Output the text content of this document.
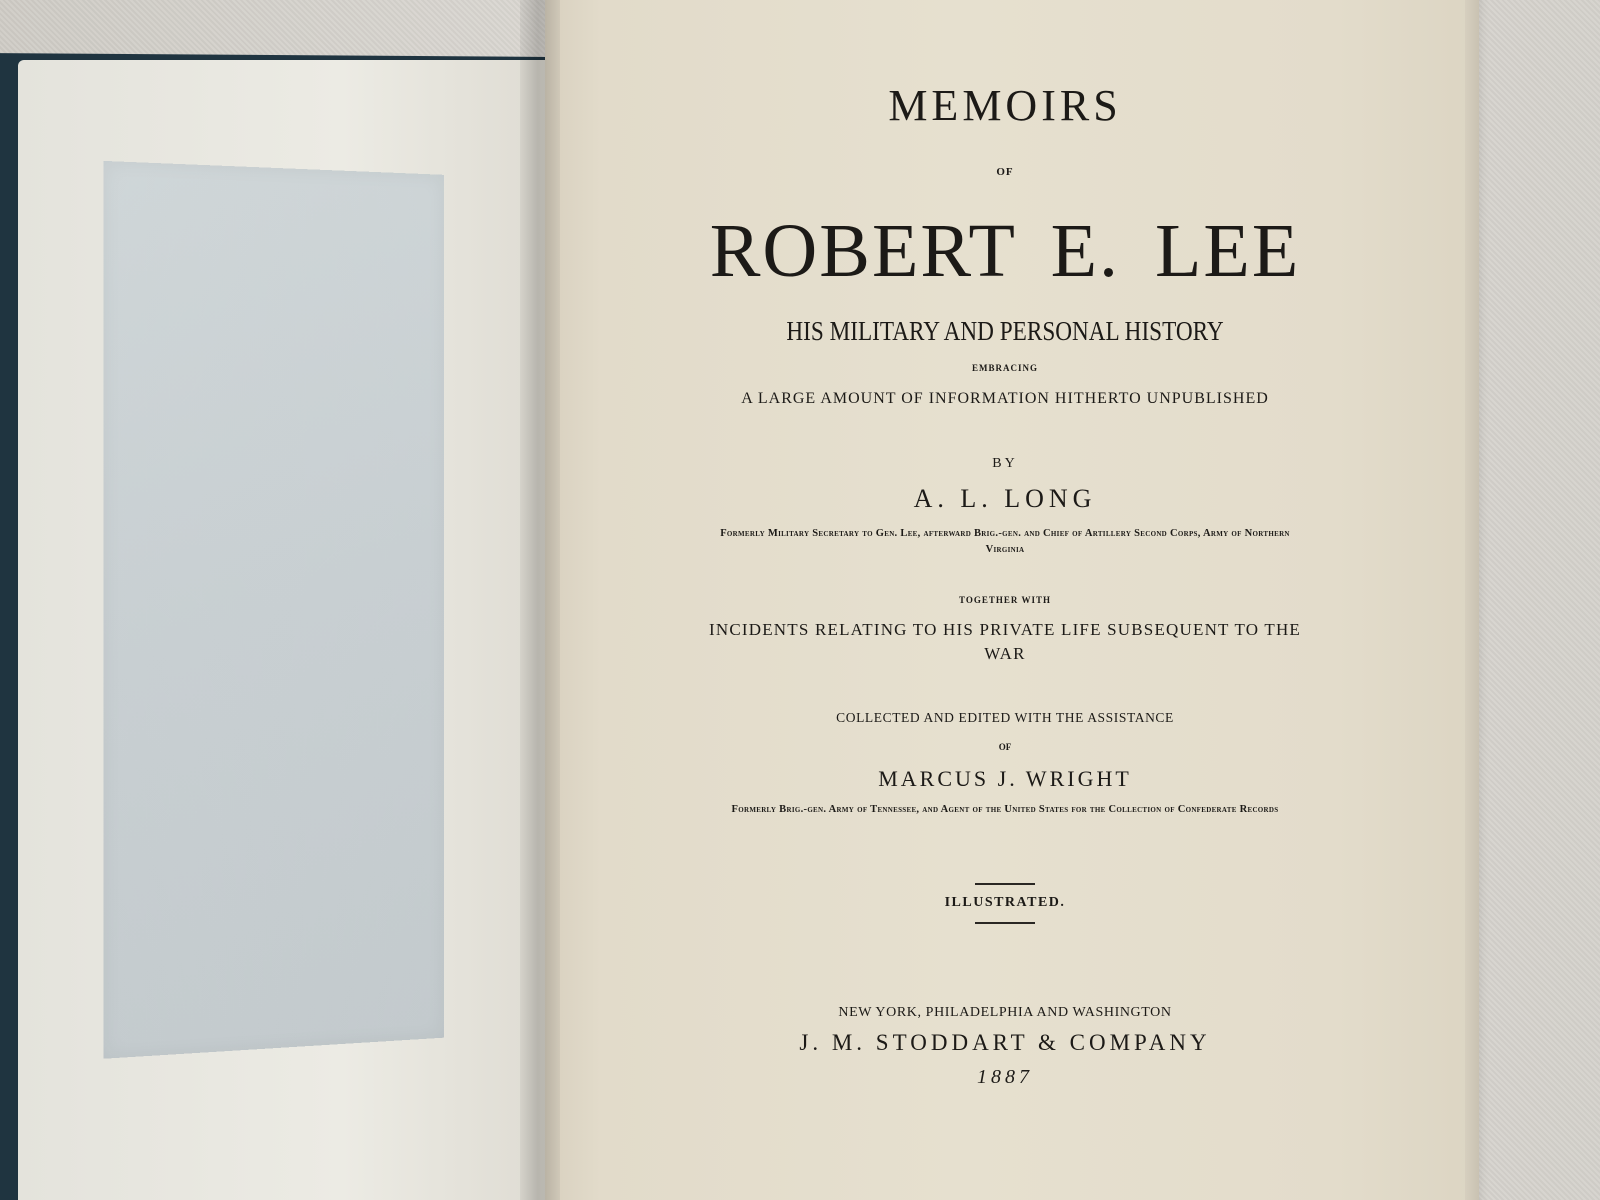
MEMOIRS
OF
ROBERT E. LEE
HIS MILITARY AND PERSONAL HISTORY
EMBRACING
A LARGE AMOUNT OF INFORMATION HITHERTO UNPUBLISHED
BY
A. L. LONG
Formerly Military Secretary to Gen. Lee, afterward Brig.-gen. and Chief of Artillery Second Corps, Army of Northern Virginia
TOGETHER WITH
INCIDENTS RELATING TO HIS PRIVATE LIFE SUBSEQUENT TO THE WAR
COLLECTED AND EDITED WITH THE ASSISTANCE
OF
MARCUS J. WRIGHT
Formerly Brig.-gen. Army of Tennessee, and Agent of the United States for the Collection of Confederate Records
ILLUSTRATED.
NEW YORK, PHILADELPHIA AND WASHINGTON
J. M. STODDART & COMPANY
1887
